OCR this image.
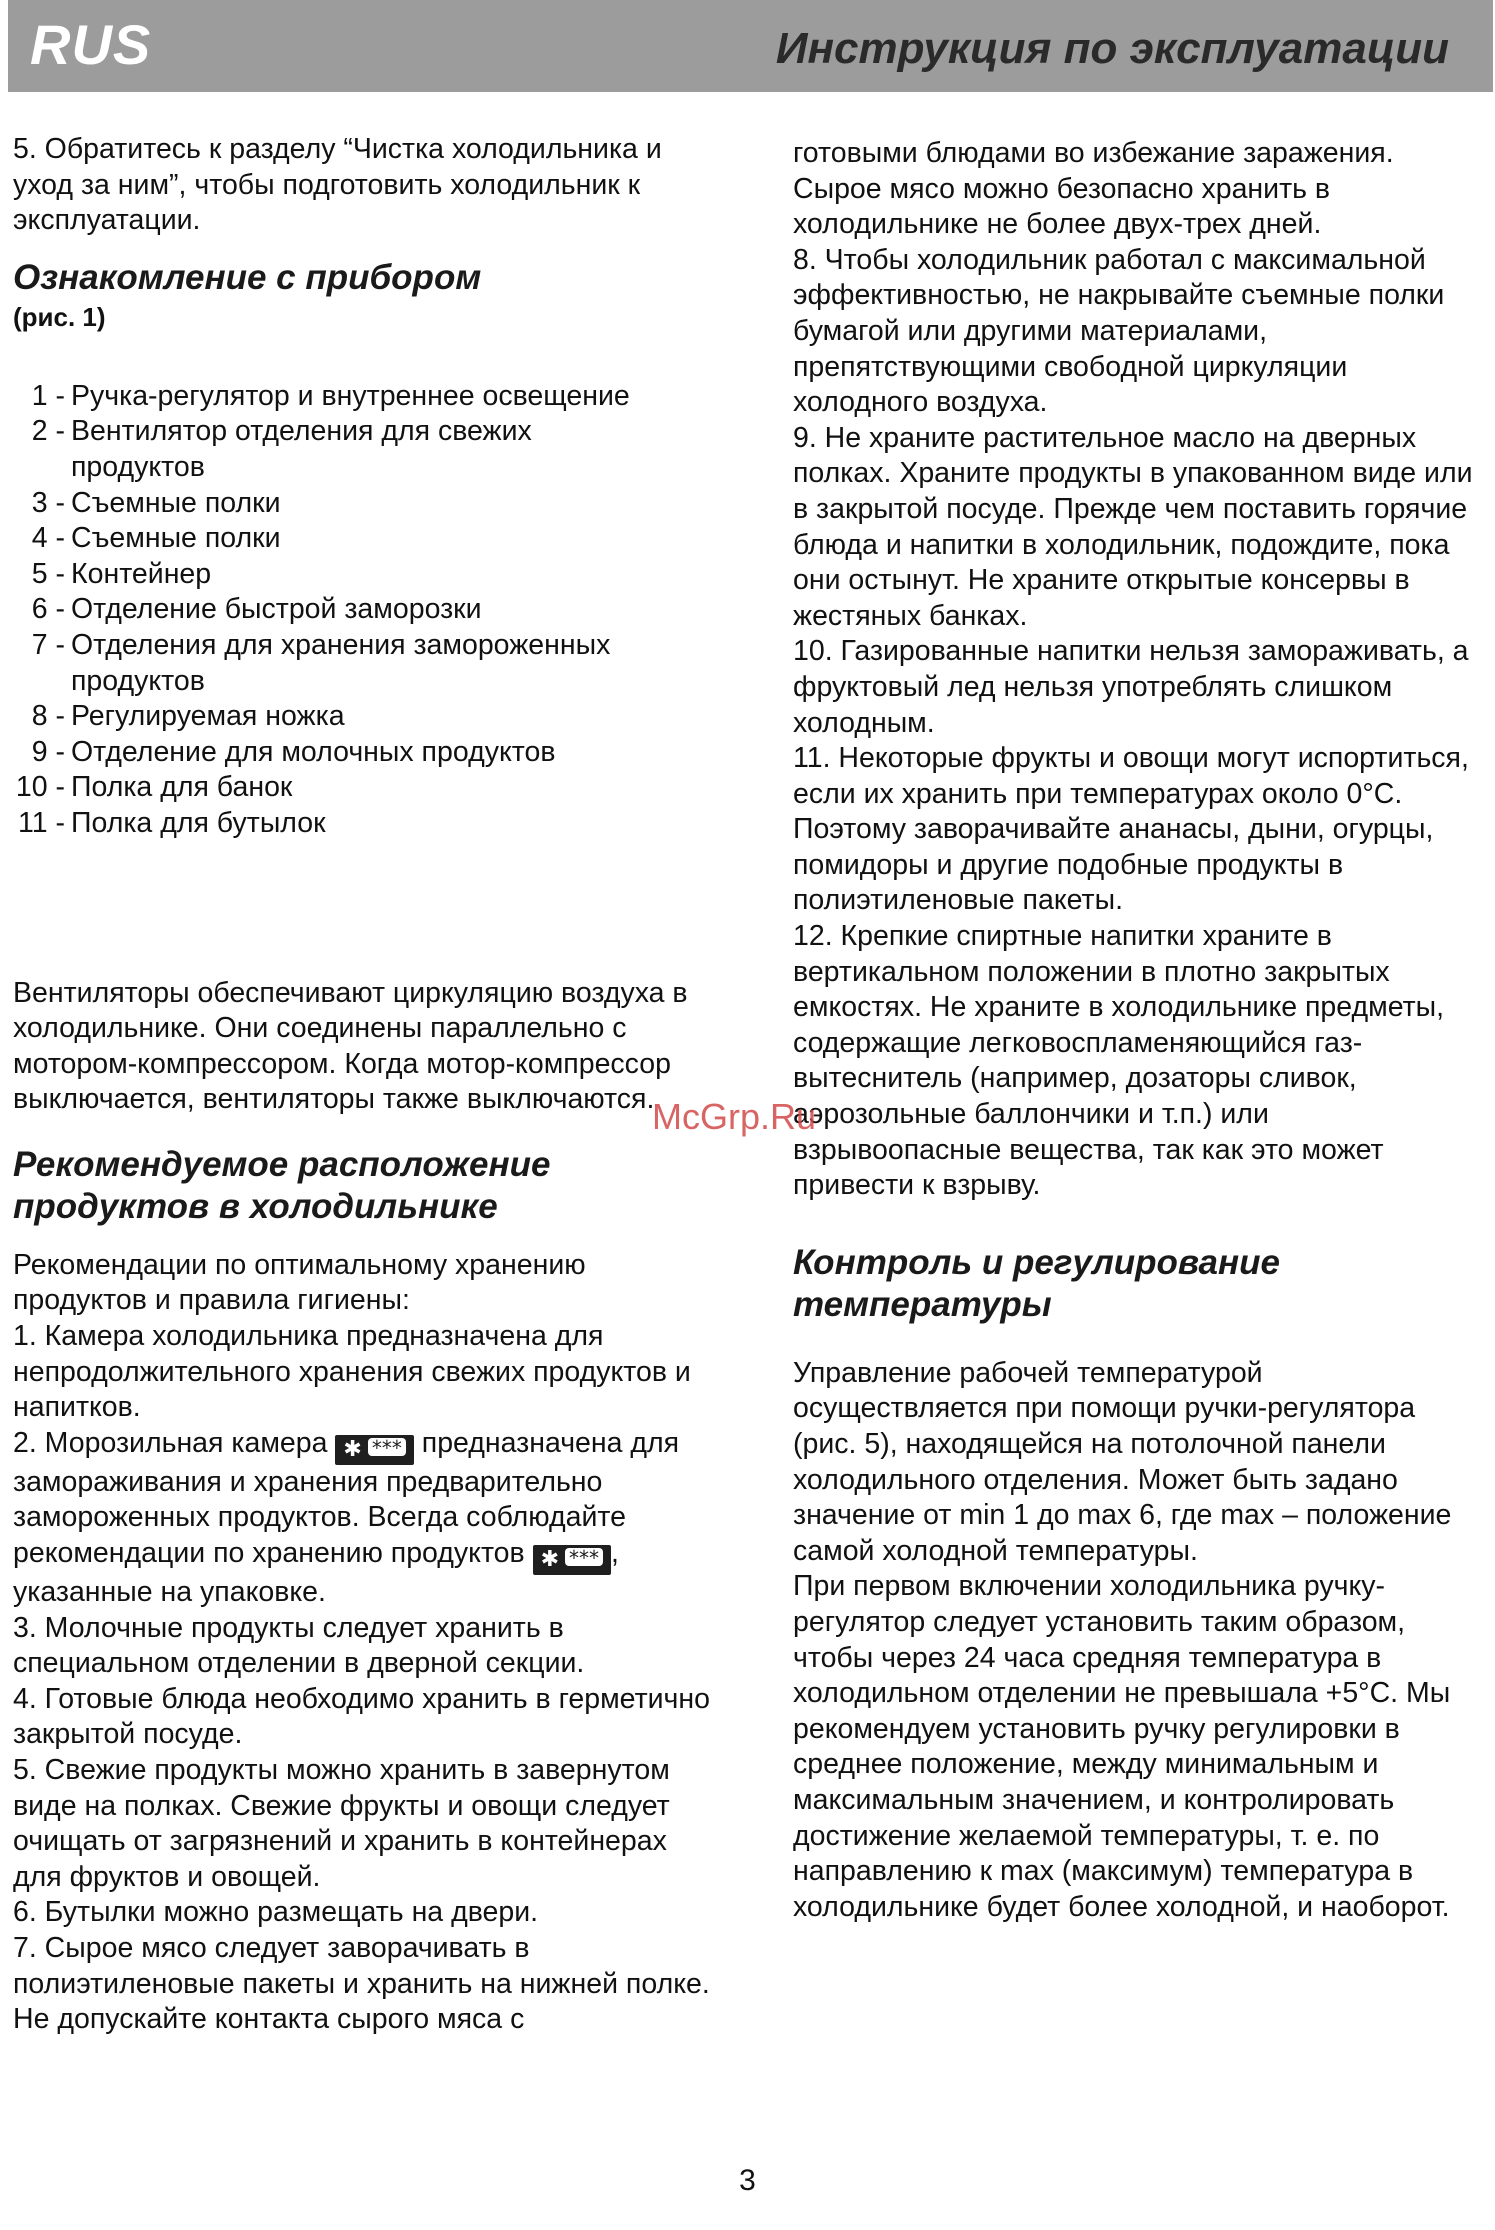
RUS	Инструкция по эксплуатации

5. Обратитесь к разделу “Чистка холодильника и уход за ним”, чтобы подготовить холодильник к эксплуатации.

Ознакомление с прибором

(рис. 1)

1 - Ручка-регулятор и внутреннее освещение
2 - Вентилятор отделения для свежих
продуктов
3 - Съемные полки
4 - Съемные полки
5 - Контейнер
6 - Отделение быстрой заморозки
7 - Отделения для хранения замороженных
продуктов
8 - Регулируемая ножка
9 - Отделение для молочных продуктов
10 - Полка для банок
11 - Полка для бутылок

Вентиляторы обеспечивают циркуляцию воздуха в холодильнике. Они соединены параллельно с мотором-компрессором. Когда мотор-компрессор выключается, вентиляторы также выключаются.

Рекомендуемое расположение

продуктов в холодильнике

Рекомендации по оптимальному хранению продуктов и правила гигиены:

1. Камера холодильника предназначена для непродолжительного хранения свежих продуктов и напитков.

2. Морозильная камера ✱ *** предназначена для замораживания и хранения предварительно замороженных продуктов. Всегда соблюдайте рекомендации по хранению продуктов ✱ *** , указанные на упаковке.

3. Молочные продукты следует хранить в специальном отделении в дверной секции.

4. Готовые блюда необходимо хранить в герметично закрытой посуде.

5. Свежие продукты можно хранить в завернутом виде на полках. Свежие фрукты и овощи следует очищать от загрязнений и хранить в контейнерах для фруктов и овощей.

6. Бутылки можно размещать на двери.

7. Сырое мясо следует заворачивать в полиэтиленовые пакеты и хранить на нижней полке. Не допускайте контакта сырого мяса с

готовыми блюдами во избежание заражения. Сырое мясо можно безопасно хранить в холодильнике не более двух-трех дней.

8. Чтобы холодильник работал с максимальной эффективностью, не накрывайте съемные полки бумагой или другими материалами, препятствующими свободной циркуляции холодного воздуха.

9. Не храните растительное масло на дверных полках. Храните продукты в упакованном виде или в закрытой посуде. Прежде чем поставить горячие блюда и напитки в холодильник, подождите, пока они остынут. Не храните открытые консервы в жестяных банках.

10. Газированные напитки нельзя замораживать, а фруктовый лед нельзя употреблять слишком холодным.

11. Некоторые фрукты и овощи могут испортиться, если их хранить при температурах около 0°C. Поэтому заворачивайте ананасы, дыни, огурцы, помидоры и другие подобные продукты в полиэтиленовые пакеты.

12. Крепкие спиртные напитки храните в вертикальном положении в плотно закрытых емкостях. Не храните в холодильнике предметы, содержащие легковоспламеняющийся газ-вытеснитель (например, дозаторы сливок, аэрозольные баллончики и т.п.) или взрывоопасные вещества, так как это может привести к взрыву.

Контроль и регулирование

температуры

Управление рабочей температурой осуществляется при помощи ручки-регулятора (рис. 5), находящейся на потолочной панели холодильного отделения. Может быть задано значение от min 1 до max 6, где max – положение самой холодной температуры.

При первом включении холодильника ручку-регулятор следует установить таким образом, чтобы через 24 часа средняя температура в холодильном отделении не превышала +5°C. Мы рекомендуем установить ручку регулировки в среднее положение, между минимальным и максимальным значением, и контролировать достижение желаемой температуры, т. е. по направлению к max (максимум) температура в холодильнике будет более холодной, и наоборот.

McGrp.Ru
3
